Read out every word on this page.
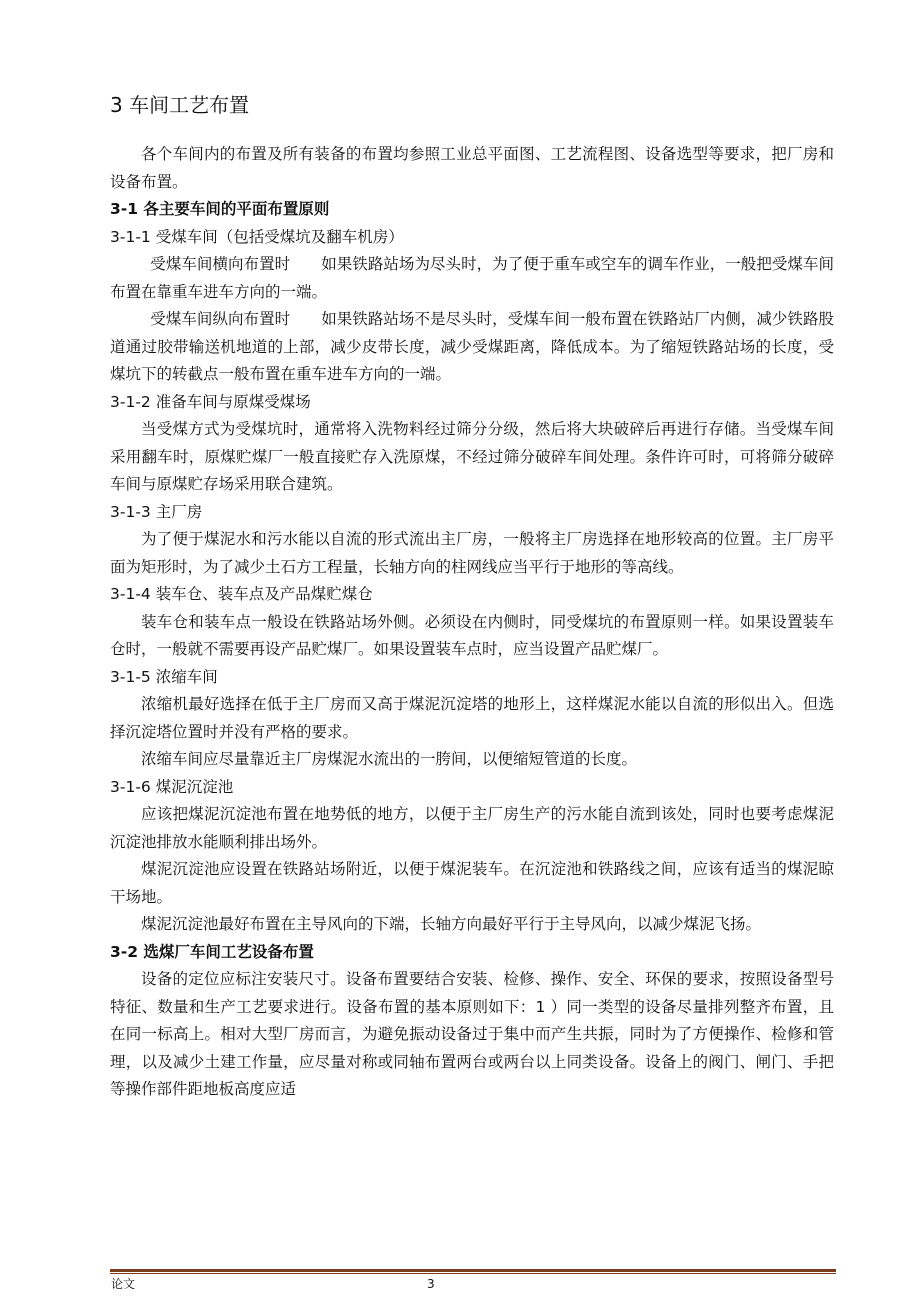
3 车间工艺布置

各个车间内的布置及所有装备的布置均参照工业总平面图、工艺流程图、设备选型等要求，把厂房和设备布置。

3-1 各主要车间的平面布置原则

3-1-1 受煤车间（包括受煤坑及翻车机房）

受煤车间横向布置时　　如果铁路站场为尽头时，为了便于重车或空车的调车作业，一般把受煤车间布置在靠重车进车方向的一端。

受煤车间纵向布置时　　如果铁路站场不是尽头时，受煤车间一般布置在铁路站厂内侧，减少铁路股道通过胶带输送机地道的上部，减少皮带长度，减少受煤距离，降低成本。为了缩短铁路站场的长度，受煤坑下的转截点一般布置在重车进车方向的一端。

3-1-2 准备车间与原煤受煤场

当受煤方式为受煤坑时，通常将入洗物料经过筛分分级，然后将大块破碎后再进行存储。当受煤车间采用翻车时，原煤贮煤厂一般直接贮存入洗原煤，不经过筛分破碎车间处理。条件许可时，可将筛分破碎车间与原煤贮存场采用联合建筑。

3-1-3 主厂房

为了便于煤泥水和污水能以自流的形式流出主厂房，一般将主厂房选择在地形较高的位置。主厂房平面为矩形时，为了减少土石方工程量，长轴方向的柱网线应当平行于地形的等高线。

3-1-4 装车仓、装车点及产品煤贮煤仓

装车仓和装车点一般设在铁路站场外侧。必须设在内侧时，同受煤坑的布置原则一样。如果设置装车仓时，一般就不需要再设产品贮煤厂。如果设置装车点时，应当设置产品贮煤厂。

3-1-5 浓缩车间

浓缩机最好选择在低于主厂房而又高于煤泥沉淀塔的地形上，这样煤泥水能以自流的形似出入。但选择沉淀塔位置时并没有严格的要求。

浓缩车间应尽量靠近主厂房煤泥水流出的一胯间，以便缩短管道的长度。

3-1-6 煤泥沉淀池

应该把煤泥沉淀池布置在地势低的地方，以便于主厂房生产的污水能自流到该处，同时也要考虑煤泥沉淀池排放水能顺利排出场外。

煤泥沉淀池应设置在铁路站场附近，以便于煤泥装车。在沉淀池和铁路线之间，应该有适当的煤泥晾干场地。

煤泥沉淀池最好布置在主导风向的下端，长轴方向最好平行于主导风向，以减少煤泥飞扬。

3-2 选煤厂车间工艺设备布置

设备的定位应标注安装尺寸。设备布置要结合安装、检修、操作、安全、环保的要求，按照设备型号特征、数量和生产工艺要求进行。设备布置的基本原则如下：1 ）同一类型的设备尽量排列整齐布置，且在同一标高上。相对大型厂房而言，为避免振动设备过于集中而产生共振，同时为了方便操作、检修和管理，以及减少土建工作量，应尽量对称或同轴布置两台或两台以上同类设备。设备上的阀门、闸门、手把等操作部件距地板高度应适

论文	3
